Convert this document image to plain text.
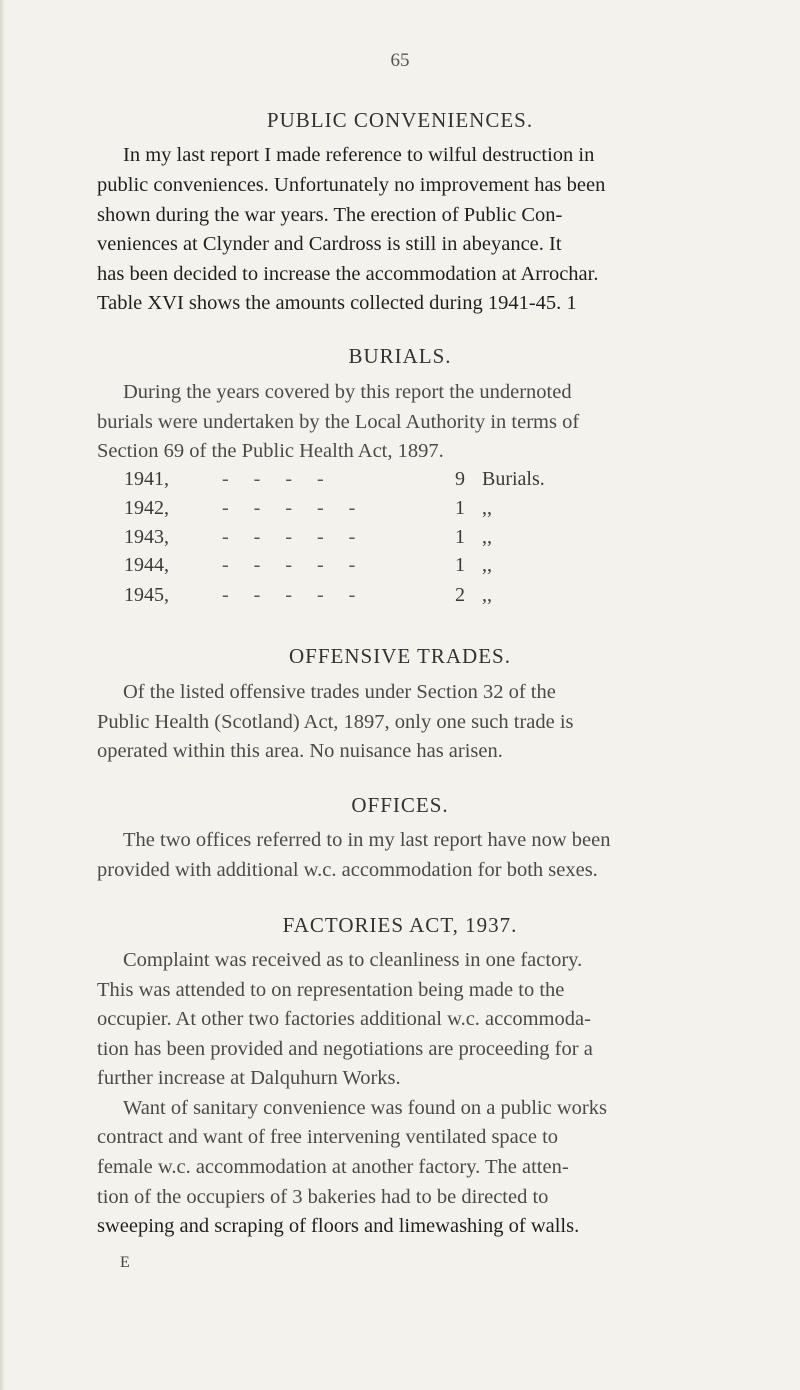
65
PUBLIC CONVENIENCES.
In my last report I made reference to wilful destruction in
public conveniences. Unfortunately no improvement has been
shown during the war years. The erection of Public Con-
veniences at Clynder and Cardross is still in abeyance. It
has been decided to increase the accommodation at Arrochar.
Table XVI shows the amounts collected during 1941-45. 1
BURIALS.
During the years covered by this report the undernoted
burials were undertaken by the Local Authority in terms of
Section 69 of the Public Health Act, 1897.
1941,	- - - -	9 Burials.
1942,	- - - - -	1 ,,
1943,	- - - - -	1 ,,
1944,	- - - - -	1 ,,
1945,	- - - - -	2 ,,
OFFENSIVE TRADES.
Of the listed offensive trades under Section 32 of the
Public Health (Scotland) Act, 1897, only one such trade is
operated within this area. No nuisance has arisen.
OFFICES.
The two offices referred to in my last report have now been
provided with additional w.c. accommodation for both sexes.
FACTORIES ACT, 1937.
Complaint was received as to cleanliness in one factory.
This was attended to on representation being made to the
occupier. At other two factories additional w.c. accommoda-
tion has been provided and negotiations are proceeding for a
further increase at Dalquhurn Works.
Want of sanitary convenience was found on a public works
contract and want of free intervening ventilated space to
female w.c. accommodation at another factory. The atten-
tion of the occupiers of 3 bakeries had to be directed to
sweeping and scraping of floors and limewashing of walls.
E
